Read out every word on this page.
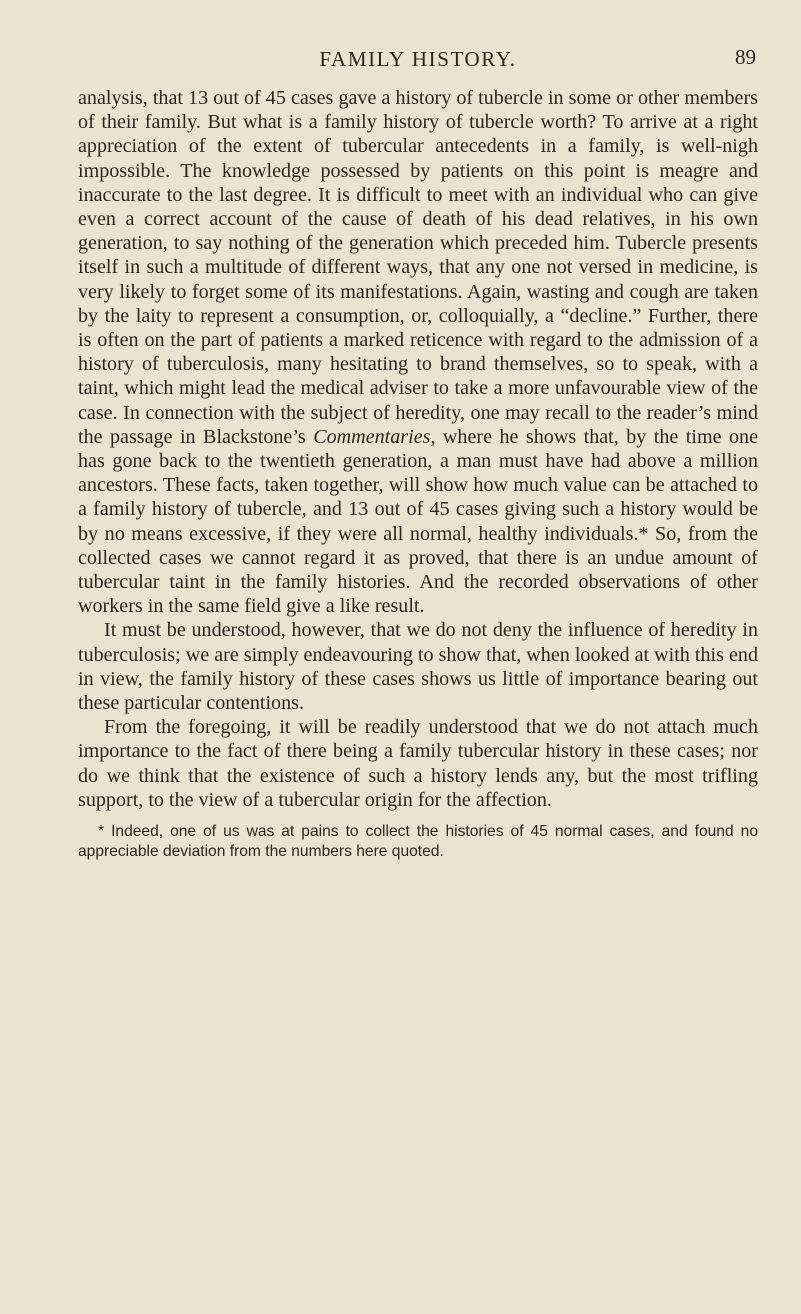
FAMILY HISTORY.	89

analysis, that 13 out of 45 cases gave a history of tubercle in some or other members of their family. But what is a family history of tubercle worth? To arrive at a right appreciation of the extent of tubercular antecedents in a family, is well-nigh impossible. The knowledge possessed by patients on this point is meagre and inaccurate to the last degree. It is difficult to meet with an individual who can give even a correct account of the cause of death of his dead relatives, in his own generation, to say nothing of the generation which preceded him. Tubercle presents itself in such a multitude of different ways, that any one not versed in medicine, is very likely to forget some of its manifestations. Again, wasting and cough are taken by the laity to represent a consumption, or, colloquially, a “decline.” Further, there is often on the part of patients a marked reticence with regard to the admission of a history of tuberculosis, many hesitating to brand themselves, so to speak, with a taint, which might lead the medical adviser to take a more unfavourable view of the case. In connection with the subject of heredity, one may recall to the reader’s mind the passage in Blackstone’s Commentaries, where he shows that, by the time one has gone back to the twentieth generation, a man must have had above a million ancestors. These facts, taken together, will show how much value can be attached to a family history of tubercle, and 13 out of 45 cases giving such a history would be by no means excessive, if they were all normal, healthy individuals.* So, from the collected cases we cannot regard it as proved, that there is an undue amount of tubercular taint in the family histories. And the recorded observations of other workers in the same field give a like result.

It must be understood, however, that we do not deny the influence of heredity in tuberculosis; we are simply endeavouring to show that, when looked at with this end in view, the family history of these cases shows us little of importance bearing out these particular contentions.

From the foregoing, it will be readily understood that we do not attach much importance to the fact of there being a family tubercular history in these cases; nor do we think that the existence of such a history lends any, but the most trifling support, to the view of a tubercular origin for the affection.

* Indeed, one of us was at pains to collect the histories of 45 normal cases, and found no appreciable deviation from the numbers here quoted.
